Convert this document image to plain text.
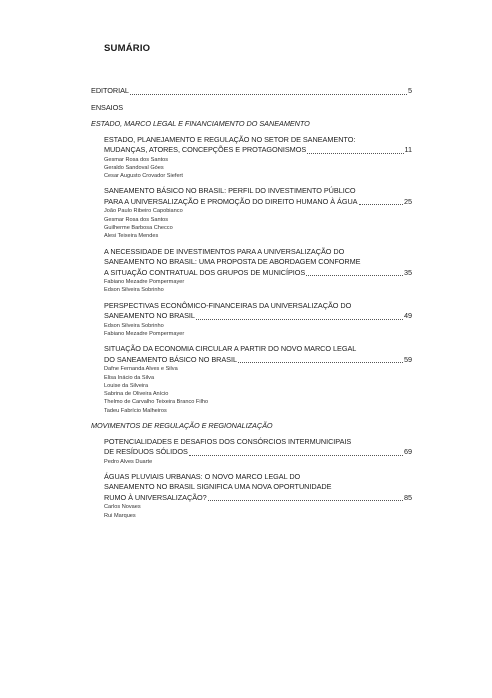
SUMÁRIO
EDITORIAL	5
ENSAIOS
ESTADO, MARCO LEGAL E FINANCIAMENTO DO SANEAMENTO
ESTADO, PLANEJAMENTO E REGULAÇÃO NO SETOR DE SANEAMENTO:
MUDANÇAS, ATORES, CONCEPÇÕES E PROTAGONISMOS	11
Gesmar Rosa dos Santos
Geraldo Sandoval Góes
Cesar Augusto Crovador Siefert
SANEAMENTO BÁSICO NO BRASIL: PERFIL DO INVESTIMENTO PÚBLICO
PARA A UNIVERSALIZAÇÃO E PROMOÇÃO DO DIREITO HUMANO À ÁGUA	25
João Paulo Ribeiro Capobianco
Gesmar Rosa dos Santos
Guilherme Barbosa Checco
Alesi Teixeira Mendes
A NECESSIDADE DE INVESTIMENTOS PARA A UNIVERSALIZAÇÃO DO
SANEAMENTO NO BRASIL: UMA PROPOSTA DE ABORDAGEM CONFORME
A SITUAÇÃO CONTRATUAL DOS GRUPOS DE MUNICÍPIOS	35
Fabiano Mezadre Pompermayer
Edson Silveira Sobrinho
PERSPECTIVAS ECONÔMICO-FINANCEIRAS DA UNIVERSALIZAÇÃO DO
SANEAMENTO NO BRASIL	49
Edson Silveira Sobrinho
Fabiano Mezadre Pompermayer
SITUAÇÃO DA ECONOMIA CIRCULAR A PARTIR DO NOVO MARCO LEGAL
DO SANEAMENTO BÁSICO NO BRASIL	59
Dafne Fernanda Alves e Silva
Elisa Inácio da Silva
Louise da Silveira
Sabrina de Oliveira Anício
Thelmo de Carvalho Teixeira Branco Filho
Tadeu Fabrício Malheiros
MOVIMENTOS DE REGULAÇÃO E REGIONALIZAÇÃO
POTENCIALIDADES E DESAFIOS DOS CONSÓRCIOS INTERMUNICIPAIS
DE RESÍDUOS SÓLIDOS	69
Pedro Alves Duarte
ÁGUAS PLUVIAIS URBANAS: O NOVO MARCO LEGAL DO
SANEAMENTO NO BRASIL SIGNIFICA UMA NOVA OPORTUNIDADE
RUMO À UNIVERSALIZAÇÃO?	85
Carlos Novaes
Rui Marques
